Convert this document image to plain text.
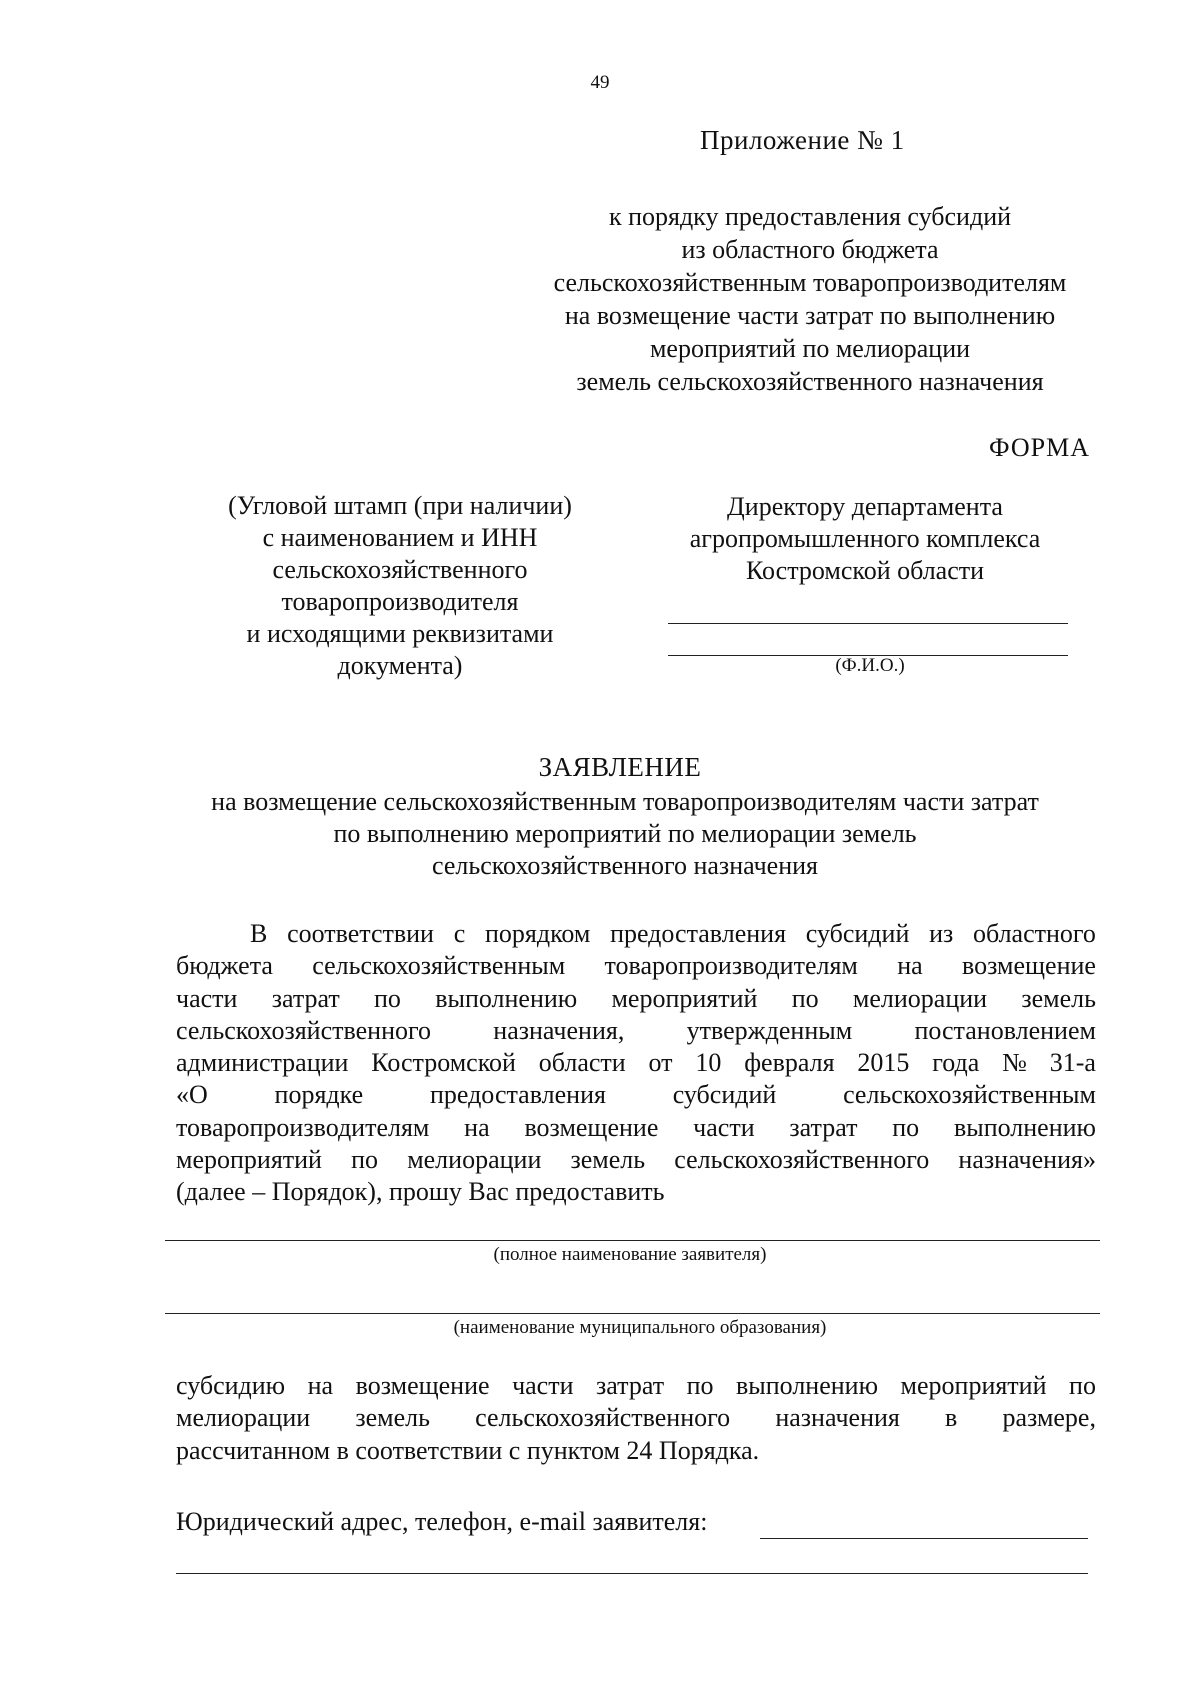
49
Приложение № 1
к порядку предоставления субсидий
из областного бюджета
сельскохозяйственным товаропроизводителям
на возмещение части затрат по выполнению
мероприятий по мелиорации
земель сельскохозяйственного назначения
ФОРМА
(Угловой штамп (при наличии)
с наименованием и ИНН
сельскохозяйственного
товаропроизводителя
и исходящими реквизитами
документа)
Директору департамента
агропромышленного комплекса
Костромской области
(Ф.И.О.)
ЗАЯВЛЕНИЕ
на возмещение сельскохозяйственным товаропроизводителям части затрат
по выполнению мероприятий по мелиорации земель
сельскохозяйственного назначения
В соответствии с порядком предоставления субсидий из областного
бюджета сельскохозяйственным товаропроизводителям на возмещение
части затрат по выполнению мероприятий по мелиорации земель
сельскохозяйственного назначения, утвержденным постановлением
администрации Костромской области от 10 февраля 2015 года № 31-а
«О	порядке	предоставления	субсидий	сельскохозяйственным
товаропроизводителям на возмещение части затрат по выполнению
мероприятий по мелиорации земель сельскохозяйственного назначения»
(далее – Порядок), прошу Вас предоставить
(полное наименование заявителя)
(наименование муниципального образования)
субсидию на возмещение части затрат по выполнению мероприятий по
мелиорации земель сельскохозяйственного назначения в размере,
рассчитанном в соответствии с пунктом 24 Порядка.
Юридический адрес, телефон, e-mail заявителя:
